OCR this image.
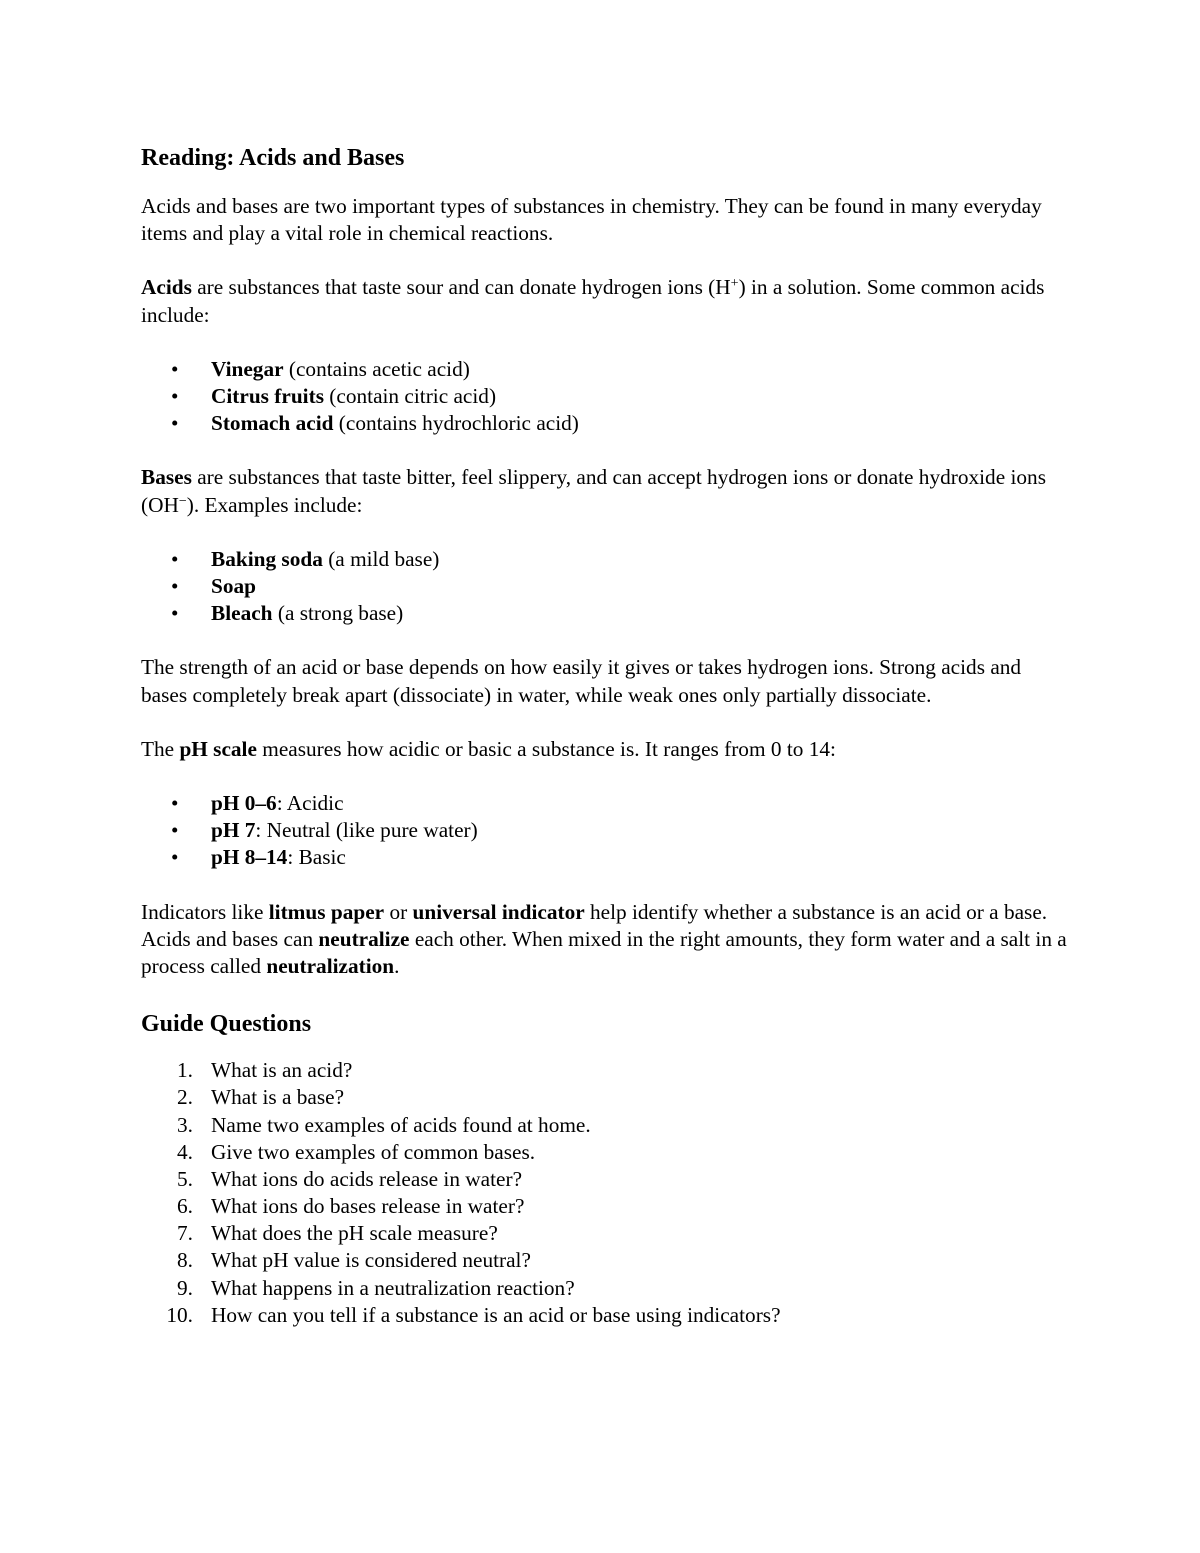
Reading: Acids and Bases

Acids and bases are two important types of substances in chemistry. They can be found in many everyday items and play a vital role in chemical reactions.

Acids are substances that taste sour and can donate hydrogen ions (H+) in a solution. Some common acids include:

• Vinegar (contains acetic acid)
• Citrus fruits (contain citric acid)
• Stomach acid (contains hydrochloric acid)

Bases are substances that taste bitter, feel slippery, and can accept hydrogen ions or donate hydroxide ions (OH−). Examples include:

• Baking soda (a mild base)
• Soap
• Bleach (a strong base)

The strength of an acid or base depends on how easily it gives or takes hydrogen ions. Strong acids and bases completely break apart (dissociate) in water, while weak ones only partially dissociate.

The pH scale measures how acidic or basic a substance is. It ranges from 0 to 14:

• pH 0–6: Acidic
• pH 7: Neutral (like pure water)
• pH 8–14: Basic

Indicators like litmus paper or universal indicator help identify whether a substance is an acid or a base. Acids and bases can neutralize each other. When mixed in the right amounts, they form water and a salt in a process called neutralization.

Guide Questions
1. What is an acid?
2. What is a base?
3. Name two examples of acids found at home.
4. Give two examples of common bases.
5. What ions do acids release in water?
6. What ions do bases release in water?
7. What does the pH scale measure?
8. What pH value is considered neutral?
9. What happens in a neutralization reaction?
10. How can you tell if a substance is an acid or base using indicators?
